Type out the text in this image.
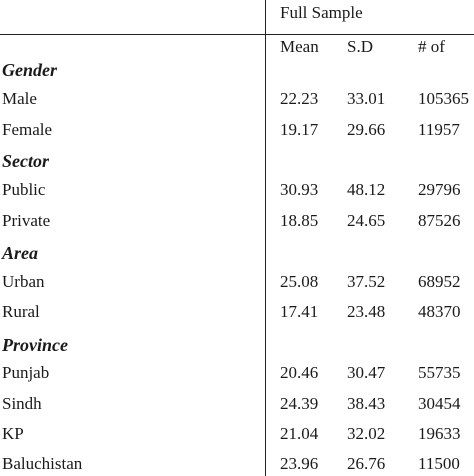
Full Sample
Mean S.D	# of
Gender
Male	22.23 33.01 105365
Female	19.17 29.66 11957
Sector
Public	30.93 48.12 29796
Private	18.85 24.65 87526
Area
Urban	25.08 37.52 68952
Rural	17.41 23.48 48370
Province
Punjab	20.46 30.47 55735
Sindh	24.39 38.43 30454
KP	21.04 32.02 19633
Baluchistan	23.96 26.76 11500
